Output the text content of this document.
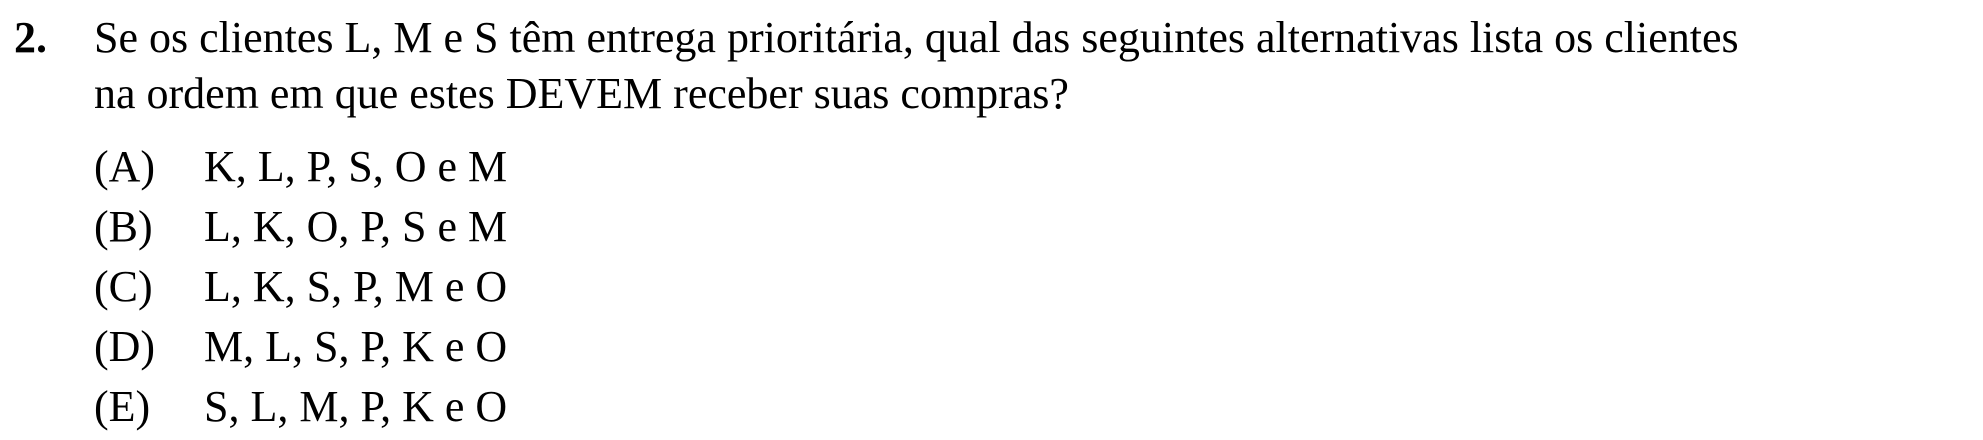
2. Se os clientes L, M e S têm entrega prioritária, qual das seguintes alternativas lista os clientes
na ordem em que estes DEVEM receber suas compras?
(A)	K, L, P, S, O e M
(B)	L, K, O, P, S e M
(C)	L, K, S, P, M e O
(D)	M, L, S, P, K e O
(E)	S, L, M, P, K e O
